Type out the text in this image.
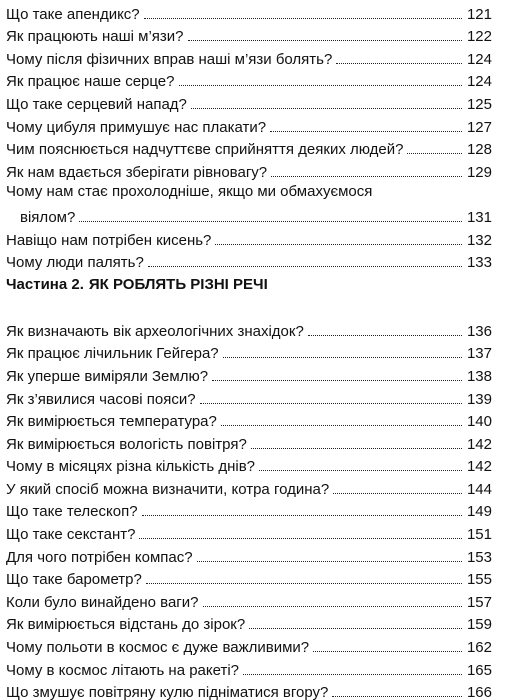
Що таке апендикс?	121
Як працюють наші м’язи?	122
Чому після фізичних вправ наші м’язи болять?	124
Як працює наше серце?	124
Що таке серцевий напад?	125
Чому цибуля примушує нас плакати?	127
Чим пояснюється надчуттєве сприйняття деяких людей?	128
Як нам вдається зберігати рівновагу?	129
Чому нам стає прохолодніше, якщо ми обмахуємося
віялом?	131
Навіщо нам потрібен кисень?	132
Чому люди палять?	133
Частина 2. ЯК РОБЛЯТЬ РІЗНІ РЕЧІ
Як визначають вік археологічних знахідок?	136
Як працює лічильник Гейгера?	137
Як уперше виміряли Землю?	138
Як з’явилися часові пояси?	139
Як вимірюється температура?	140
Як вимірюється вологість повітря?	142
Чому в місяцях різна кількість днів?	142
У який спосіб можна визначити, котра година?	144
Що таке телескоп?	149
Що таке секстант?	151
Для чого потрібен компас?	153
Що таке барометр?	155
Коли було винайдено ваги?	157
Як вимірюється відстань до зірок?	159
Чому польоти в космос є дуже важливими?	162
Чому в космос літають на ракеті?	165
Що змушує повітряну кулю підніматися вгору?	166
